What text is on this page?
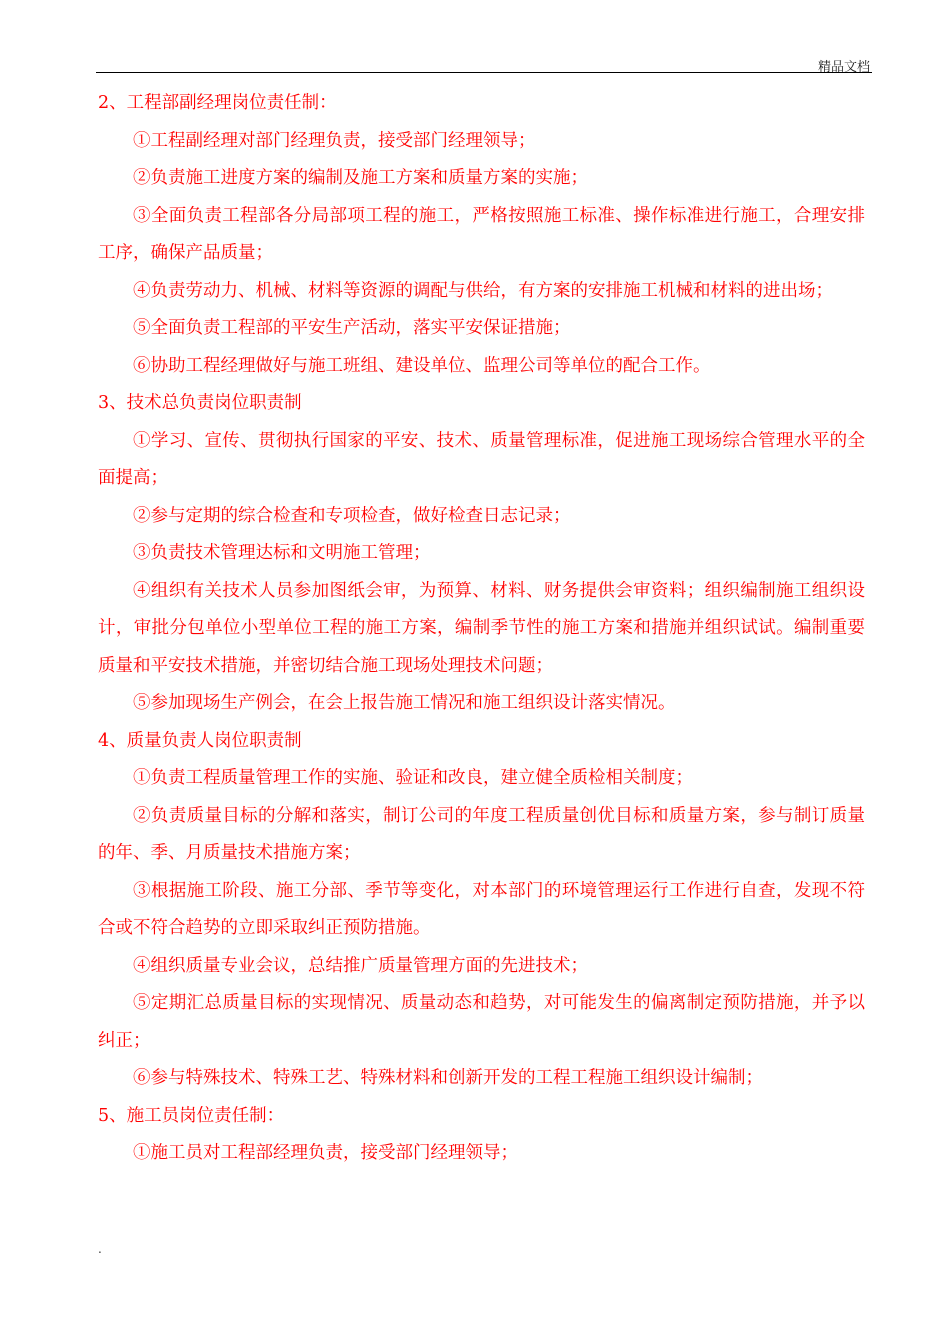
精品文档

2、工程部副经理岗位责任制：

①工程副经理对部门经理负责，接受部门经理领导；

②负责施工进度方案的编制及施工方案和质量方案的实施；

③全面负责工程部各分局部项工程的施工，严格按照施工标准、操作标准进行施工，合理安排工序，确保产品质量；

④负责劳动力、机械、材料等资源的调配与供给，有方案的安排施工机械和材料的进出场；

⑤全面负责工程部的平安生产活动，落实平安保证措施；

⑥协助工程经理做好与施工班组、建设单位、监理公司等单位的配合工作。

3、技术总负责岗位职责制

①学习、宣传、贯彻执行国家的平安、技术、质量管理标准，促进施工现场综合管理水平的全面提高；

②参与定期的综合检查和专项检查，做好检查日志记录；

③负责技术管理达标和文明施工管理；

④组织有关技术人员参加图纸会审，为预算、材料、财务提供会审资料；组织编制施工组织设计，审批分包单位小型单位工程的施工方案，编制季节性的施工方案和措施并组织试试。编制重要质量和平安技术措施，并密切结合施工现场处理技术问题；

⑤参加现场生产例会，在会上报告施工情况和施工组织设计落实情况。

4、质量负责人岗位职责制

①负责工程质量管理工作的实施、验证和改良，建立健全质检相关制度；

②负责质量目标的分解和落实，制订公司的年度工程质量创优目标和质量方案，参与制订质量的年、季、月质量技术措施方案；

③根据施工阶段、施工分部、季节等变化，对本部门的环境管理运行工作进行自查，发现不符合或不符合趋势的立即采取纠正预防措施。

④组织质量专业会议，总结推广质量管理方面的先进技术；

⑤定期汇总质量目标的实现情况、质量动态和趋势，对可能发生的偏离制定预防措施，并予以纠正；

⑥参与特殊技术、特殊工艺、特殊材料和创新开发的工程工程施工组织设计编制；

5、施工员岗位责任制：

①施工员对工程部经理负责，接受部门经理领导；

.
